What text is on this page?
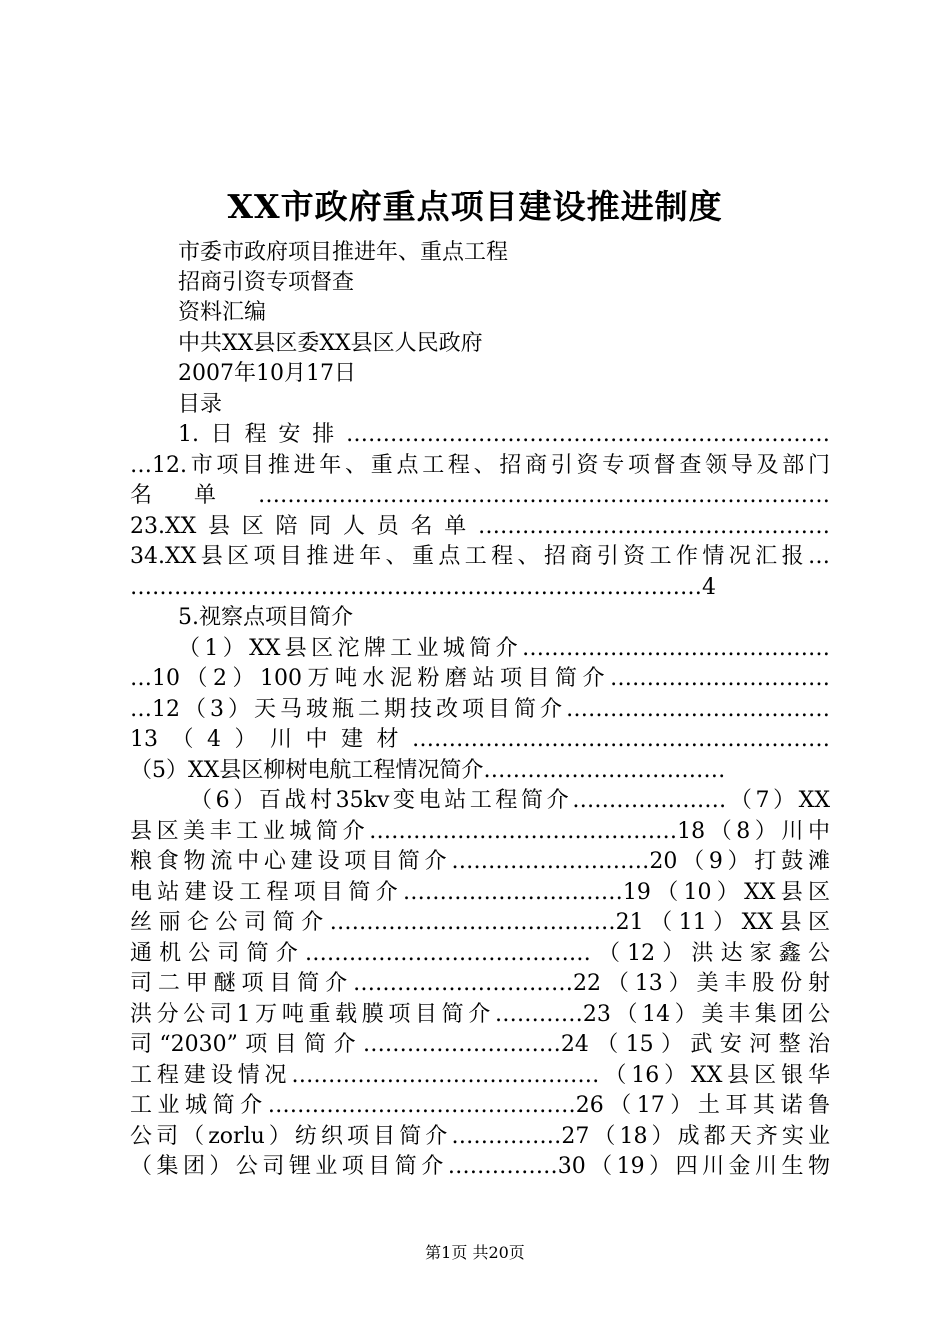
XX市政府重点项目建设推进制度
市委市政府项目推进年、重点工程
招商引资专项督查
资料汇编
中共XX县区委XX县区人民政府
2007年10月17日
目录
1.日程安排…………………………………………………………
…12.市项目推进年、重点工程、招商引资专项督查领导及部门
名单……………………………………………………………………
23.XX县区陪同人员名单…………………………………………
34.XX县区项目推进年、重点工程、招商引资工作情况汇报…
……………………………………………………………………4
5.视察点项目简介
（1）XX县区沱牌工业城简介……………………………………
…10（2）100万吨水泥粉磨站项目简介…………………………
…12（3）天马玻瓶二期技改项目简介………………………………
13（4）川中建材…………………………………………………
（5）XX县区柳树电航工程情况简介……………………………
（6）百战村35kv变电站工程简介…………………（7）XX
县区美丰工业城简介……………………………………18（8）川中
粮食物流中心建设项目简介………………………20（9）打鼓滩
电站建设工程项目简介…………………………19（10）XX县区
丝丽仑公司简介…………………………………21（11）XX县区
通机公司简介…………………………………（12）洪达家鑫公
司二甲醚项目简介…………………………22（13）美丰股份射
洪分公司1万吨重载膜项目简介…………23（14）美丰集团公
司“2030”项目简介………………………24（15）武安河整治
工程建设情况……………………………………（16）XX县区银华
工业城简介……………………………………26（17）土耳其诺鲁
公司（zorlu）纺织项目简介……………27（18）成都天齐实业
（集团）公司锂业项目简介……………30（19）四川金川生物
第1页 共20页
